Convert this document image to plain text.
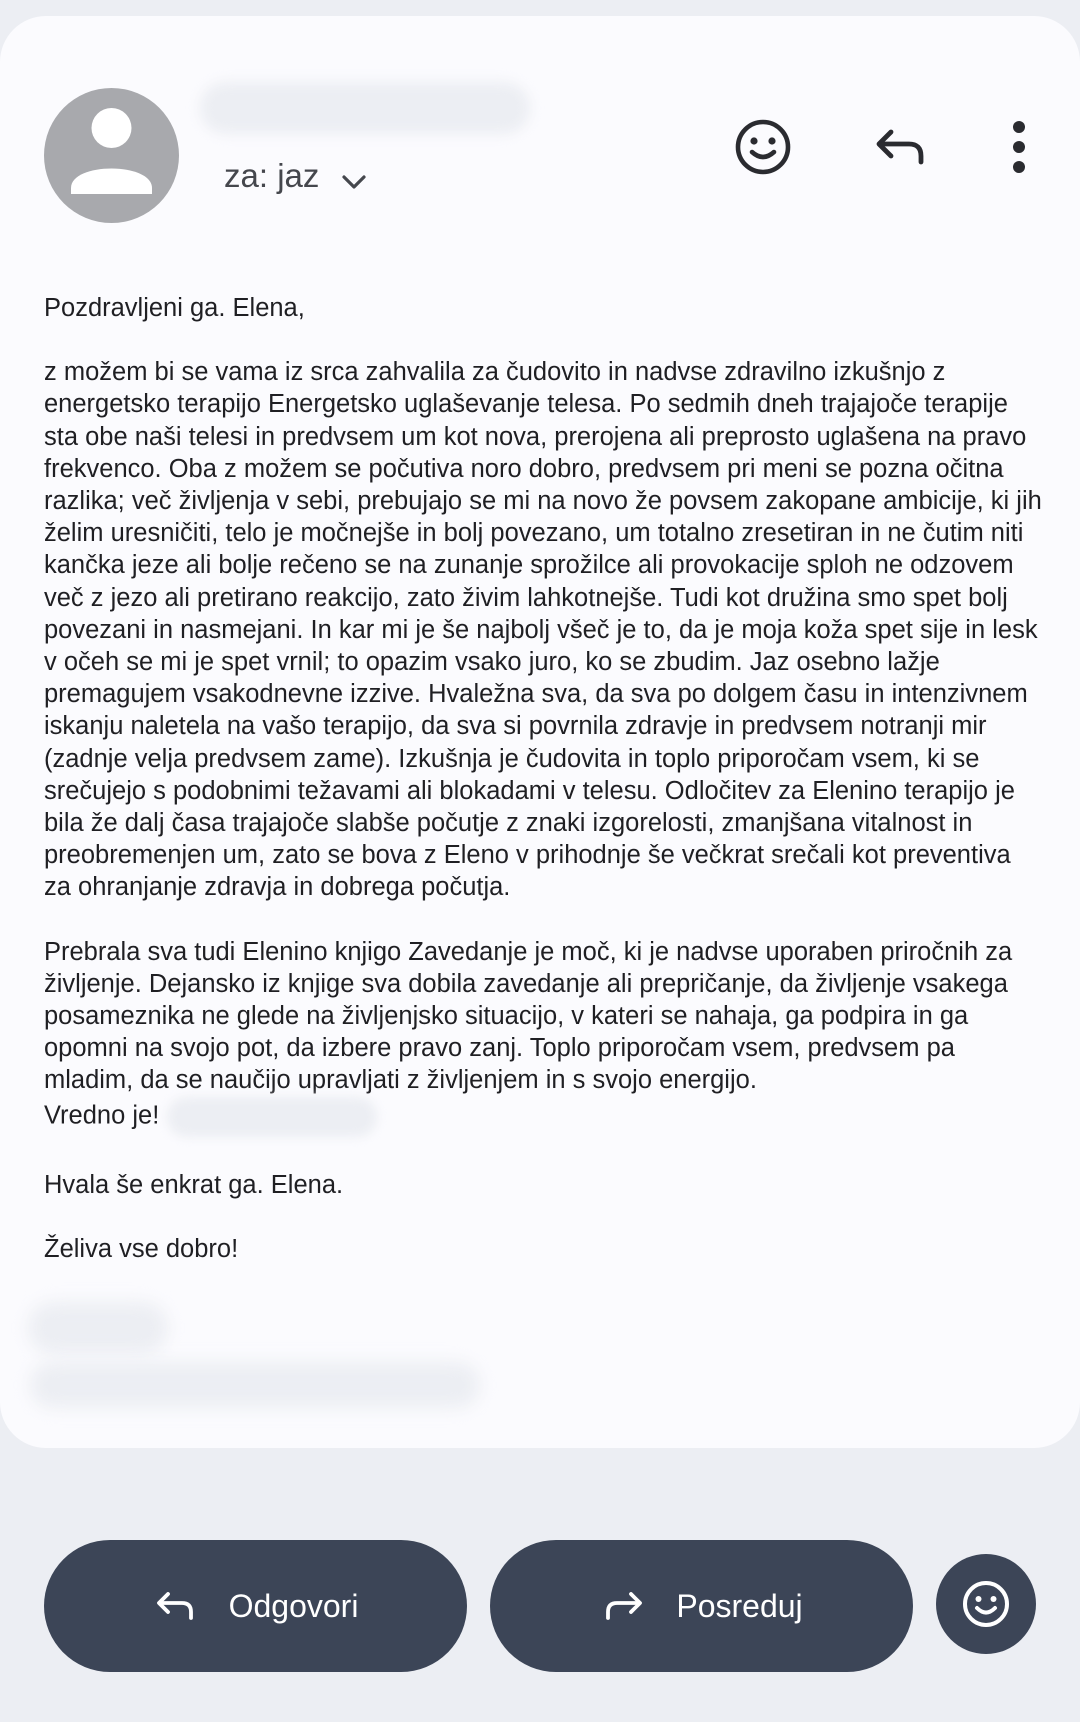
za: jaz

Pozdravljeni ga. Elena,

z možem bi se vama iz srca zahvalila za čudovito in nadvse zdravilno izkušnjo z energetsko terapijo Energetsko uglaševanje telesa. Po sedmih dneh trajajoče terapije sta obe naši telesi in predvsem um kot nova, prerojena ali preprosto uglašena na pravo frekvenco. Oba z možem se počutiva noro dobro, predvsem pri meni se pozna očitna razlika; več življenja v sebi, prebujajo se mi na novo že povsem zakopane ambicije, ki jih želim uresničiti, telo je močnejše in bolj povezano, um totalno zresetiran in ne čutim niti kančka jeze ali bolje rečeno se na zunanje sprožilce ali provokacije sploh ne odzovem več z jezo ali pretirano reakcijo, zato živim lahkotnejše. Tudi kot družina smo spet bolj povezani in nasmejani. In kar mi je še najbolj všeč je to, da je moja koža spet sije in lesk v očeh se mi je spet vrnil; to opazim vsako juro, ko se zbudim. Jaz osebno lažje premagujem vsakodnevne izzive. Hvaležna sva, da sva po dolgem času in intenzivnem iskanju naletela na vašo terapijo, da sva si povrnila zdravje in predvsem notranji mir (zadnje velja predvsem zame). Izkušnja je čudovita in toplo priporočam vsem, ki se srečujejo s podobnimi težavami ali blokadami v telesu. Odločitev za Elenino terapijo je bila že dalj časa trajajoče slabše počutje z znaki izgorelosti, zmanjšana vitalnost in preobremenjen um, zato se bova z Eleno v prihodnje še večkrat srečali kot preventiva za ohranjanje zdravja in dobrega počutja.

Prebrala sva tudi Elenino knjigo Zavedanje je moč, ki je nadvse uporaben priročnih za življenje. Dejansko iz knjige sva dobila zavedanje ali prepričanje, da življenje vsakega posameznika ne glede na življenjsko situacijo, v kateri se nahaja, ga podpira in ga opomni na svojo pot, da izbere pravo zanj. Toplo priporočam vsem, predvsem pa mladim, da se naučijo upravljati z življenjem in s svojo energijo.

Vredno je!

Hvala še enkrat ga. Elena.

Želiva vse dobro!

Odgovori	Posreduj
